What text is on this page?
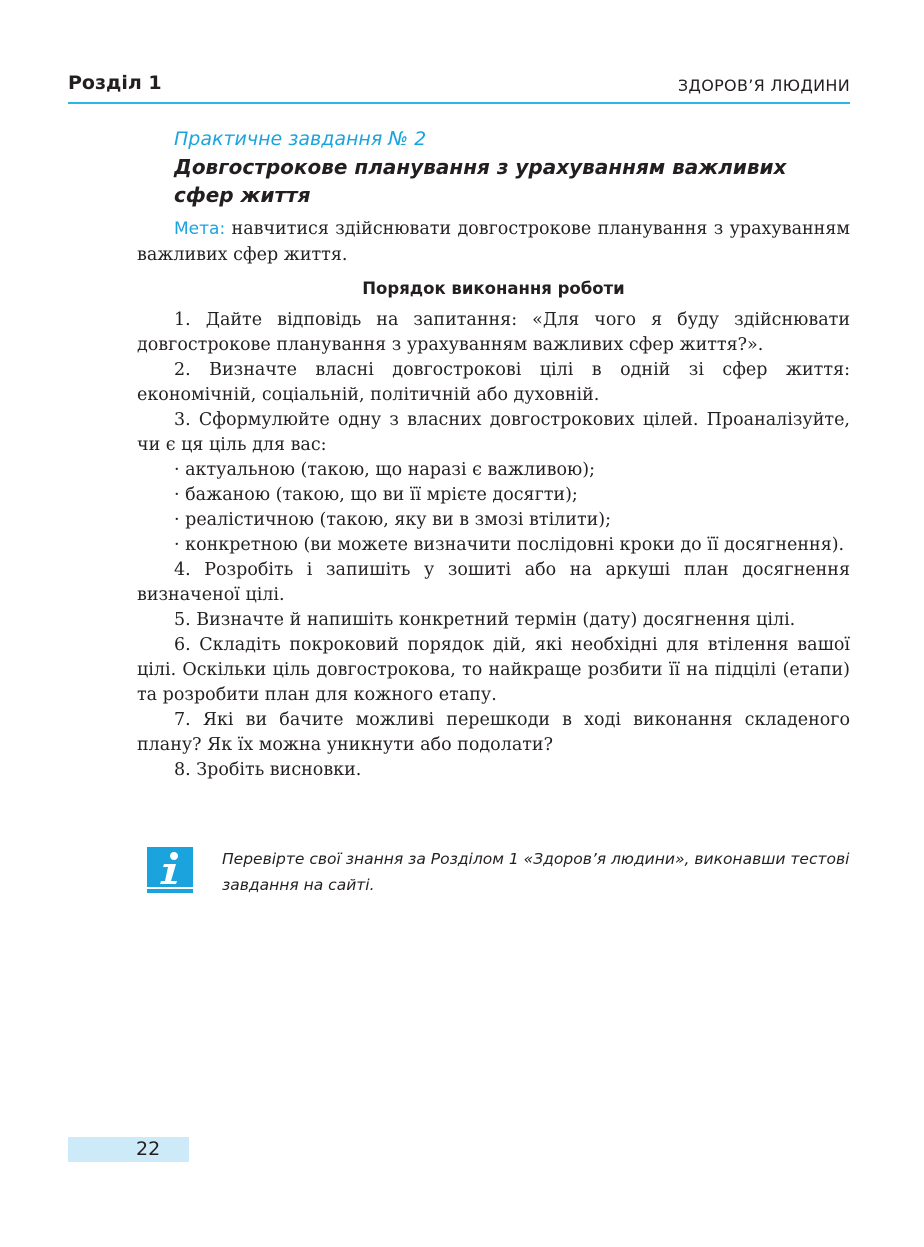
Розділ 1	ЗДОРОВ’Я ЛЮДИНИ
Практичне завдання № 2
Довгострокове планування з урахуванням важливих сфер життя
Мета: навчитися здійснювати довгострокове планування з урахуванням важливих сфер життя.
Порядок виконання роботи

1. Дайте відповідь на запитання: «Для чого я буду здійснювати довгострокове планування з урахуванням важливих сфер життя?».

2. Визначте власні довгострокові цілі в одній зі сфер життя: економічній, соціальній, політичній або духовній.

3. Сформулюйте одну з власних довгострокових цілей. Проаналізуйте, чи є ця ціль для вас:

· актуальною (такою, що наразі є важливою);

· бажаною (такою, що ви її мрієте досягти);

· реалістичною (такою, яку ви в змозі втілити);

· конкретною (ви можете визначити послідовні кроки до її досягнення).

4. Розробіть і запишіть у зошиті або на аркуші план досягнення визначеної цілі.

5. Визначте й напишіть конкретний термін (дату) досягнення цілі.

6. Складіть покроковий порядок дій, які необхідні для втілення вашої цілі. Оскільки ціль довгострокова, то найкраще розбити її на підцілі (етапи) та розробити план для кожного етапу.

7. Які ви бачите можливі перешкоди в ході виконання складеного плану? Як їх можна уникнути або подолати?

8. Зробіть висновки.

Перевірте свої знання за Розділом 1 «Здоров’я людини», виконавши тестові завдання на сайті.
22
